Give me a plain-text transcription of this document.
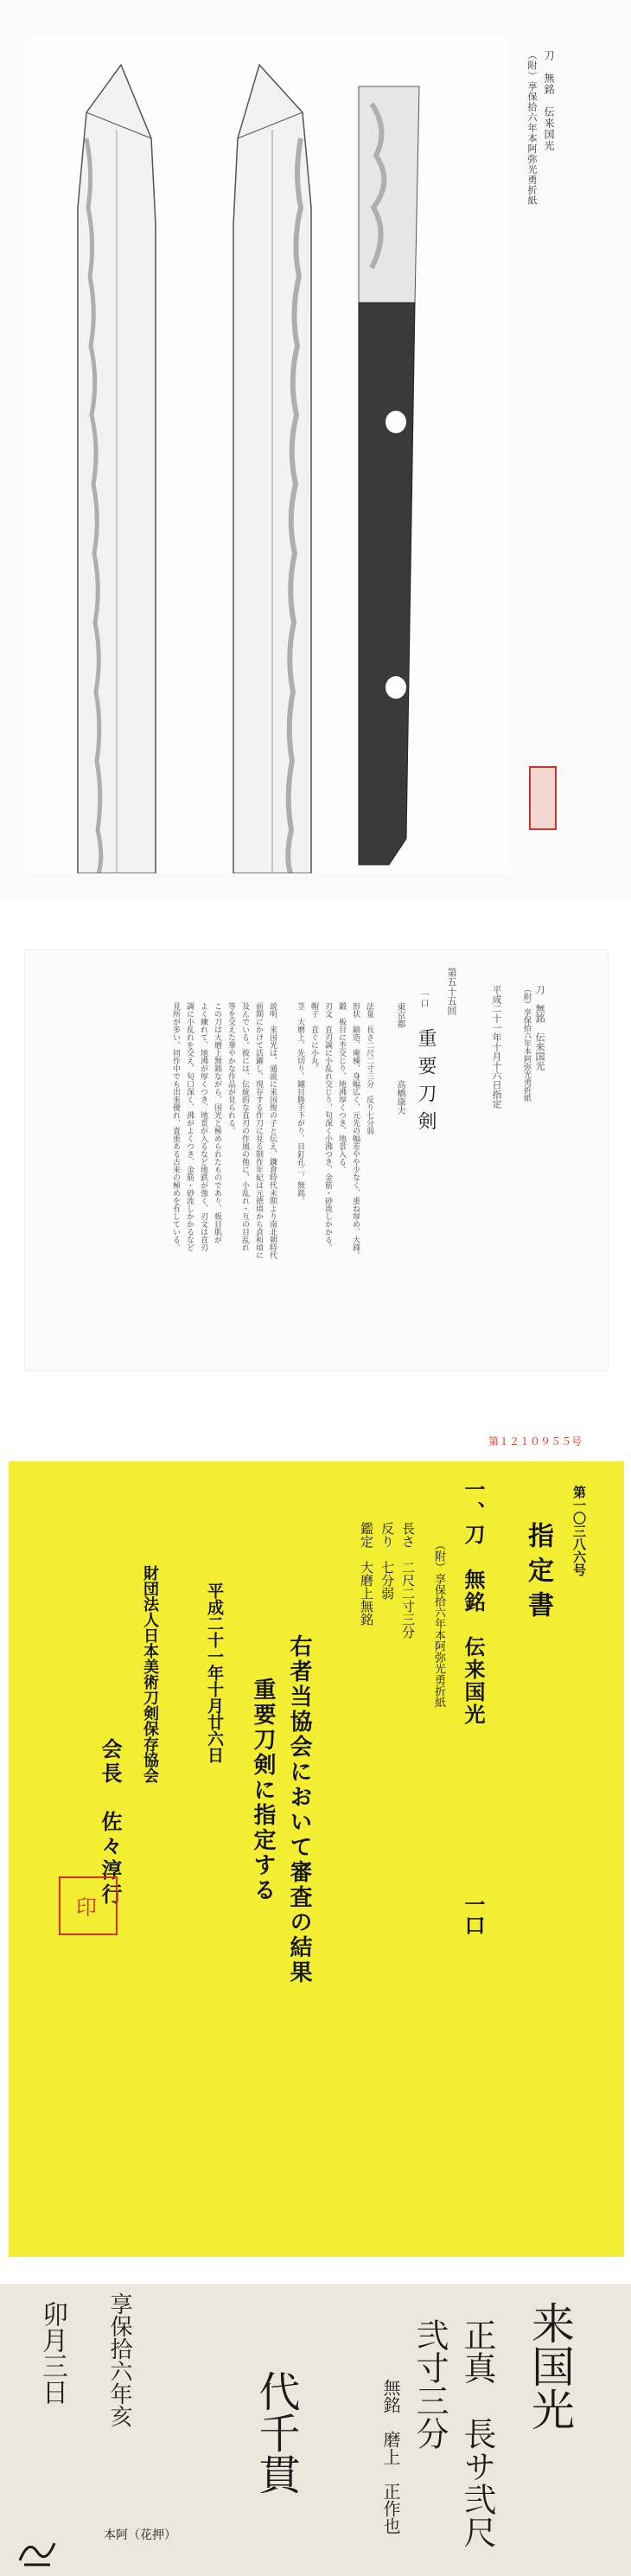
刀　無銘　伝来国光
（附）享保拾六年本阿弥光勇折紙
平成二十一年十月十六日指定
第五十五回
重要刀剣
一口
東京都
高橋康夫
刀　無銘　伝来国光
（附）享保拾六年本阿弥光勇折紙
法量　長さ二尺二寸三分　反り七分弱
形状　鎬造、庵棟、身幅広く、元先の幅差やや少なく、重ね厚め、大鋒。
鍛　板目に杢交じり、地沸厚くつき、地景入る。
刃文　直刃調に小乱れ交じり、匂深く小沸つき、金筋・砂流しかかる。
帽子　直ぐに小丸。
茎　大磨上、先切り、鑢目勝手下がり、目釘孔二、無銘。
説明　来国光は、通説に来国俊の子と伝え、鎌倉時代末期より南北朝時代
前期にかけて活躍し、現存する作刀に見る制作年紀は元徳頃から貞和頃に
及んでいる。彼には、伝統的な直刃の作風の他に、小乱れ・互の目乱れ
等を交えた華やかな作品が見られる。
この刀は大磨上無銘ながら、国光と極められたものであり、板目肌が
よく練れて、地沸が厚くつき、地景が入るなど地鉄が強く、刃文は直刃
調に小乱れを交え、匂口深く、沸がよくつき、金筋・砂流しかかるなど
見所が多い。同作中でも出来優れ、貴重ある古来の極めを有している。
第１２１０９５５号
第一〇三八六号
指定書
一、刀　無銘　伝来国光
（附）享保拾六年本阿弥光勇折紙
一口
長さ　二尺二寸三分
反り　七分弱
鑑定　大磨上無銘
右者当協会において審査の結果
重要刀剣に指定する
平成二十一年十月廿六日
財団法人日本美術刀剣保存協会
会長　佐々淳行
印
来国光
正真　長サ弐尺弐寸三分
無銘　磨上　正作也
代千貫
享保拾六年亥
卯月三日
本阿（花押）
